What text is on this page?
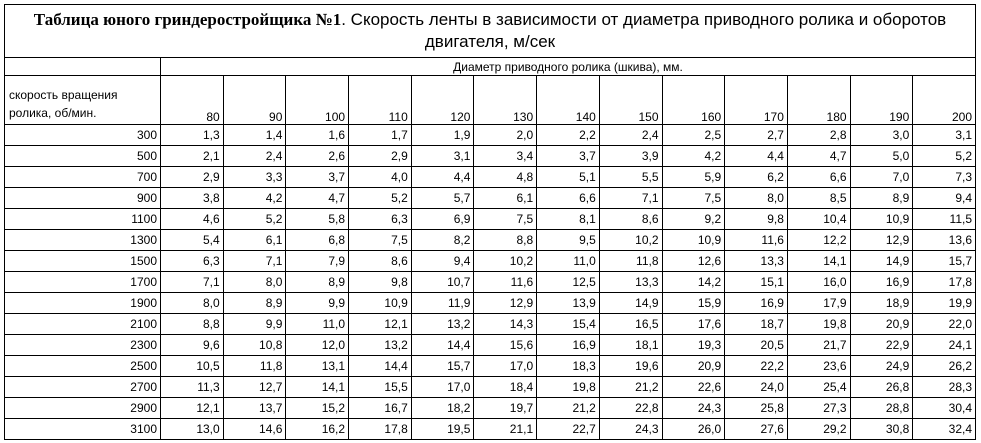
Таблица юного гриндеростройщика №1. Скорость ленты в зависимости от диаметра приводного ролика и оборотов двигателя, м/сек													
	Диаметр приводного ролика (шкива), мм.												
скорость вращения ролика, об/мин.	80	90	100	110	120	130	140	150	160	170	180	190	200
300	1,3	1,4	1,6	1,7	1,9	2,0	2,2	2,4	2,5	2,7	2,8	3,0	3,1
500	2,1	2,4	2,6	2,9	3,1	3,4	3,7	3,9	4,2	4,4	4,7	5,0	5,2
700	2,9	3,3	3,7	4,0	4,4	4,8	5,1	5,5	5,9	6,2	6,6	7,0	7,3
900	3,8	4,2	4,7	5,2	5,7	6,1	6,6	7,1	7,5	8,0	8,5	8,9	9,4
1100	4,6	5,2	5,8	6,3	6,9	7,5	8,1	8,6	9,2	9,8	10,4	10,9	11,5
1300	5,4	6,1	6,8	7,5	8,2	8,8	9,5	10,2	10,9	11,6	12,2	12,9	13,6
1500	6,3	7,1	7,9	8,6	9,4	10,2	11,0	11,8	12,6	13,3	14,1	14,9	15,7
1700	7,1	8,0	8,9	9,8	10,7	11,6	12,5	13,3	14,2	15,1	16,0	16,9	17,8
1900	8,0	8,9	9,9	10,9	11,9	12,9	13,9	14,9	15,9	16,9	17,9	18,9	19,9
2100	8,8	9,9	11,0	12,1	13,2	14,3	15,4	16,5	17,6	18,7	19,8	20,9	22,0
2300	9,6	10,8	12,0	13,2	14,4	15,6	16,9	18,1	19,3	20,5	21,7	22,9	24,1
2500	10,5	11,8	13,1	14,4	15,7	17,0	18,3	19,6	20,9	22,2	23,6	24,9	26,2
2700	11,3	12,7	14,1	15,5	17,0	18,4	19,8	21,2	22,6	24,0	25,4	26,8	28,3
2900	12,1	13,7	15,2	16,7	18,2	19,7	21,2	22,8	24,3	25,8	27,3	28,8	30,4
3100	13,0	14,6	16,2	17,8	19,5	21,1	22,7	24,3	26,0	27,6	29,2	30,8	32,4
